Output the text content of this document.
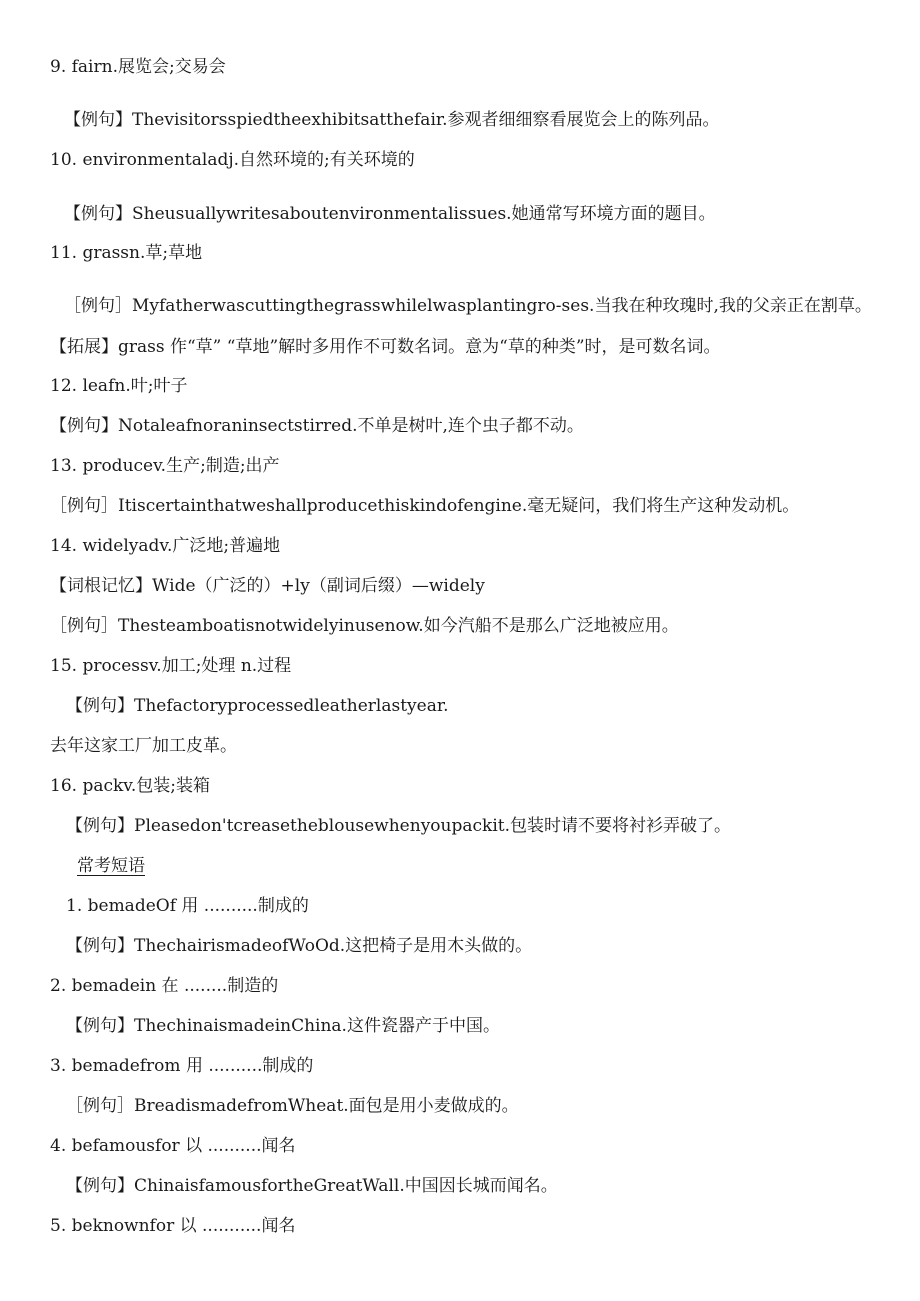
9. fairn.展览会;交易会
【例句】Thevisitorsspiedtheexhibitsatthefair.参观者细细察看展览会上的陈列品。
10. environmentaladj.自然环境的;有关环境的
【例句】Sheusuallywritesaboutenvironmentalissues.她通常写环境方面的题目。
11. grassn.草;草地
［例句］Myfatherwascuttingthegrasswhilelwasplantingro-ses.当我在种玫瑰时,我的父亲正在割草。
【拓展】grass 作“草” “草地”解时多用作不可数名词。意为“草的种类”时，是可数名词。
12. leafn.叶;叶子
【例句】Notaleafnoraninsectstirred.不单是树叶,连个虫子都不动。
13. producev.生产;制造;出产
［例句］Itiscertainthatweshallproducethiskindofengine.毫无疑问，我们将生产这种发动机。
14. widelyadv.广泛地;普遍地
【词根记忆】Wide（广泛的）+ly（副词后缀）—widely
［例句］Thesteamboatisnotwidelyinusenow.如今汽船不是那么广泛地被应用。
15. processv.加工;处理 n.过程
【例句】Thefactoryprocessedleatherlastyear.
去年这家工厂加工皮革。
16. packv.包装;装箱
【例句】Pleasedon'tcreasetheblousewhenyoupackit.包装时请不要将衬衫弄破了。
常考短语
1. bemadeOf 用 ..........制成的
【例句】ThechairismadeofWoOd.这把椅子是用木头做的。
2. bemadein 在 ........制造的
【例句】ThechinaismadeinChina.这件瓷器产于中国。
3. bemadefrom 用 ..........制成的
［例句］BreadismadefromWheat.面包是用小麦做成的。
4. befamousfor 以 ..........闻名
【例句】ChinaisfamousfortheGreatWall.中国因长城而闻名。
5. beknownfor 以 ...........闻名
